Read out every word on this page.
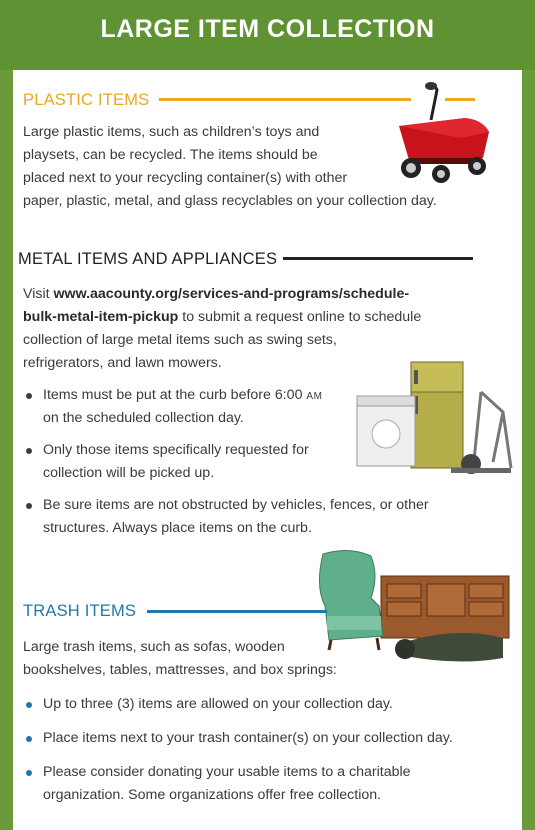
LARGE ITEM COLLECTION
PLASTIC ITEMS
Large plastic items, such as children’s toys and
playsets, can be recycled. The items should be
placed next to your recycling container(s) with other
paper, plastic, metal, and glass recyclables on your collection day.
METAL ITEMS AND APPLIANCES
Visit www.aacounty.org/services-and-programs/schedule-
bulk-metal-item-pickup to submit a request online to schedule
collection of large metal items such as swing sets,
refrigerators, and lawn mowers.
Items must be put at the curb before 6:00 AM
on the scheduled collection day.
Only those items specifically requested for
collection will be picked up.
Be sure items are not obstructed by vehicles, fences, or other
structures. Always place items on the curb.
TRASH ITEMS
Large trash items, such as sofas, wooden
bookshelves, tables, mattresses, and box springs:
Up to three (3) items are allowed on your collection day.
Place items next to your trash container(s) on your collection day.
Please consider donating your usable items to a charitable
organization. Some organizations offer free collection.
